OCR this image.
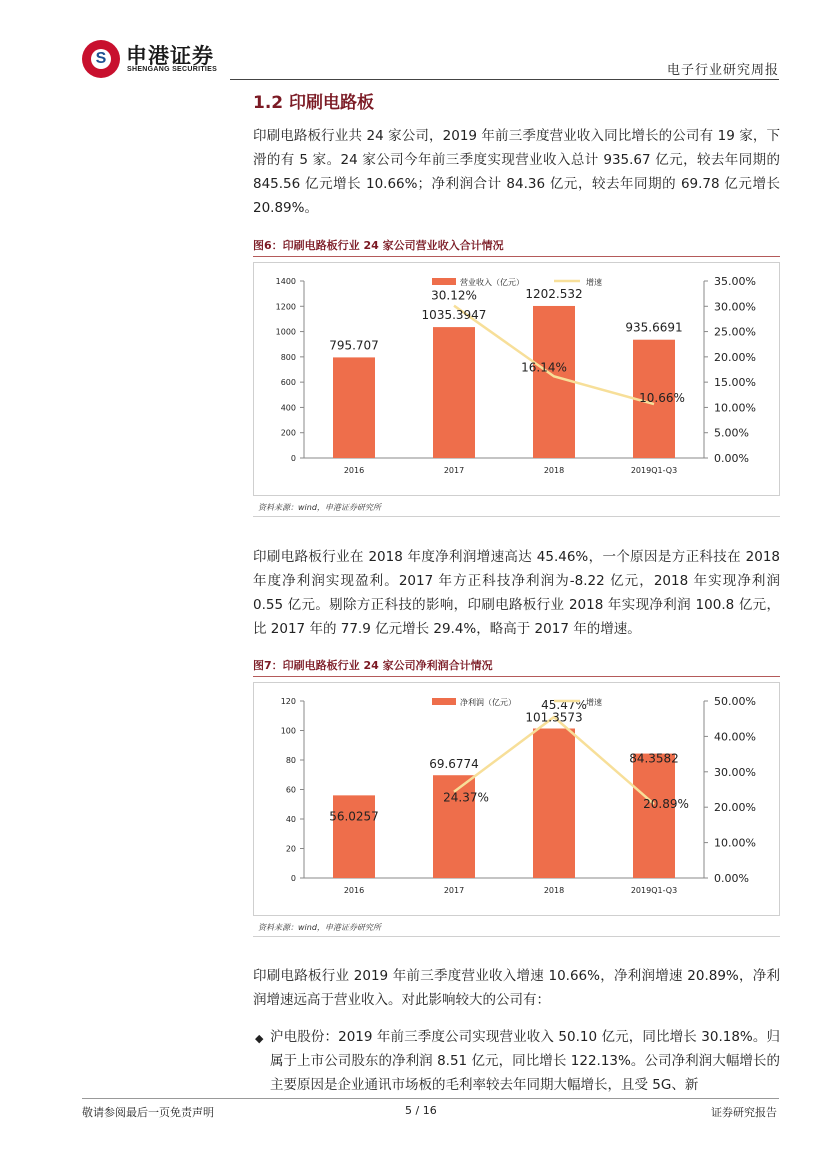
S 申港证券
SHENGANG SECURITIES	电子行业研究周报
1.2 印刷电路板
印刷电路板行业共 24 家公司，2019 年前三季度营业收入同比增长的公司有 19 家，下滑的有 5 家。24 家公司今年前三季度实现营业收入总计 935.67 亿元，较去年同期的 845.56 亿元增长 10.66%；净利润合计 84.36 亿元，较去年同期的 69.78 亿元增长 20.89%。
图6：印刷电路板行业 24 家公司营业收入合计情况
0
200
400
600
800
1000
1200
1400
0.00%
5.00%
10.00%
15.00%
20.00%
25.00%
30.00%
35.00%
2016	2017	2018	2019Q1-Q3
795.707
1035.3947
1202.532
935.6691
30.12%
16.14%
10.66%
营业收入（亿元）	增速
资料来源：wind，申港证券研究所
印刷电路板行业在 2018 年度净利润增速高达 45.46%，一个原因是方正科技在 2018 年度净利润实现盈利。2017 年方正科技净利润为-8.22 亿元，2018 年实现净利润 0.55 亿元。剔除方正科技的影响，印刷电路板行业 2018 年实现净利润 100.8 亿元，比 2017 年的 77.9 亿元增长 29.4%，略高于 2017 年的增速。
图7：印刷电路板行业 24 家公司净利润合计情况
0
20
40
60
80
100
120
0.00%
10.00%
20.00%
30.00%
40.00%
50.00%
2016	2017	2018	2019Q1-Q3
56.0257
69.6774
101.3573
84.3582
24.37%
45.47%
20.89%
净利润（亿元）	增速
资料来源：wind，申港证券研究所
印刷电路板行业 2019 年前三季度营业收入增速 10.66%，净利润增速 20.89%，净利润增速远高于营业收入。对此影响较大的公司有：
◆ 沪电股份：2019 年前三季度公司实现营业收入 50.10 亿元，同比增长 30.18%。归属于上市公司股东的净利润 8.51 亿元，同比增长 122.13%。公司净利润大幅增长的主要原因是企业通讯市场板的毛利率较去年同期大幅增长，且受 5G、新
敬请参阅最后一页免责声明	5 / 16	证券研究报告
